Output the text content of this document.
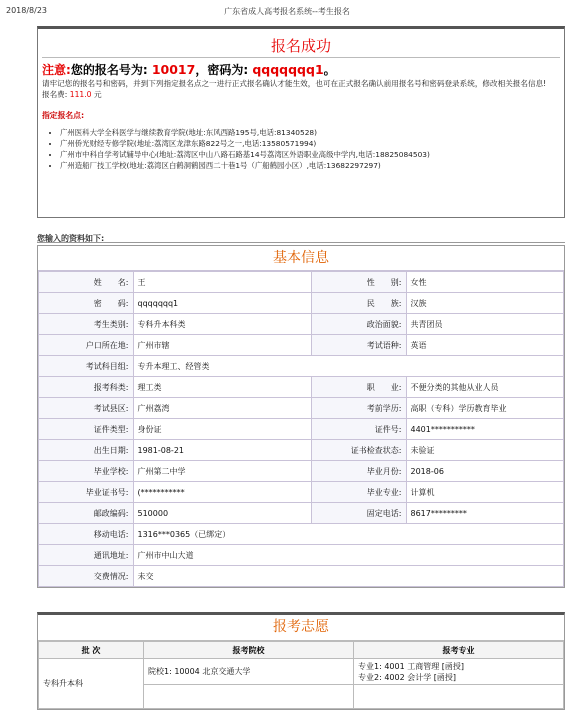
2018/8/23	广东省成人高考报名系统--考生报名
报名成功
注意:您的报名号为: 10017，密码为: qqqqqqq1。
请牢记您的报名号和密码，并到下列指定报名点之一进行正式报名确认才能生效，也可在正式报名确认前用报名号和密码登录系统，修改相关报名信息!
报名费: 111.0 元
指定报名点:
• 广州医科大学全科医学与继续教育学院(地址:东风西路195号,电话:81340528)
• 广州侨光财经专修学院(地址:荔湾区龙津东路822号之一,电话:13580571994)
• 广州市中科自学考试辅导中心(地址:荔湾区中山八路石路基14号荔湾区外语职业高级中学内,电话:18825084503)
• 广州造船厂技工学校(地址:荔湾区白鹤洞鹤园西二十巷1号（广船鹤园小区）,电话:13682297297)
您输入的资料如下:
基本信息
姓　　名:	王	性　　别:	女性
密　　码:	qqqqqqq1	民　　族:	汉族
考生类别:	专科升本科类	政治面貌:	共青团员
户口所在地:	广州市辖	考试语种:	英语
考试科目组:	专升本理工、经管类		
报考科类:	理工类	职　　业:	不便分类的其他从业人员
考试县区:	广州荔湾	考前学历:	高职（专科）学历教育毕业
证件类型:	身份证	证件号:	4401***********
出生日期:	1981-08-21	证书检查状态:	未验证
毕业学校:	广州第二中学	毕业月份:	2018-06
毕业证书号:	(***********	毕业专业:	计算机
邮政编码:	510000	固定电话:	8617*********
移动电话:	1316***0365（已绑定）		
通讯地址:	广州市中山大道		
交费情况:	未交		
报考志愿
批 次	报考院校	报考专业
专科升本科	院校1: 10004 北京交通大学	专业1: 4001 工商管理 [函授]
专业2: 4002 会计学 [函授]
